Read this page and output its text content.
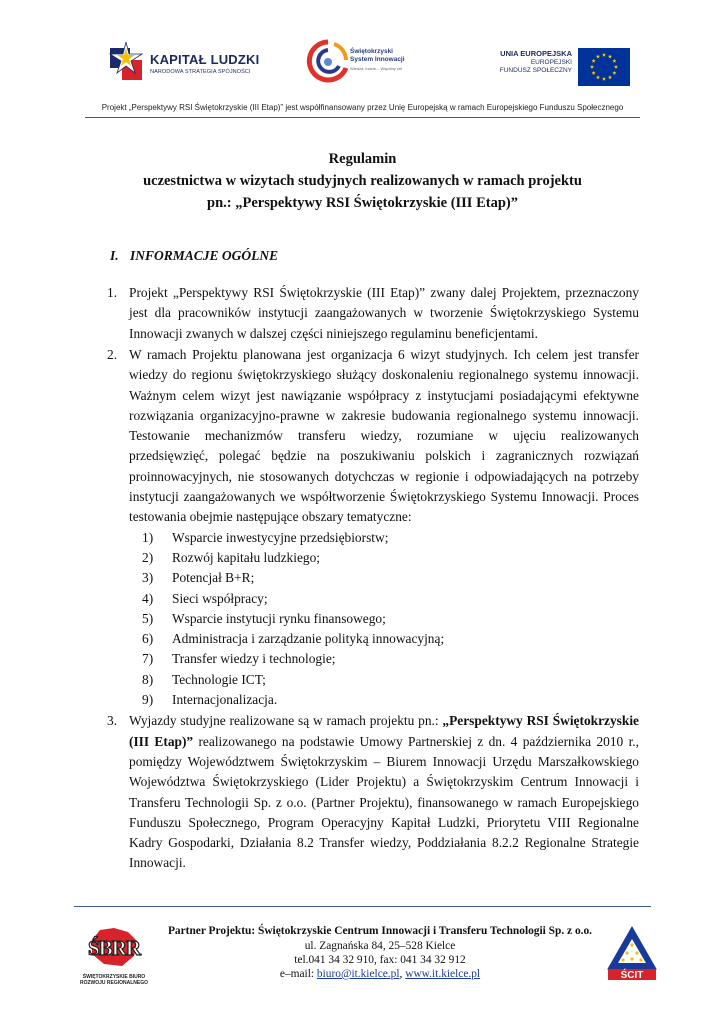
KAPITAŁ LUDZKI
NARODOWA STRATEGIA SPÓJNOŚCI
Świętokrzyski
System Innowacji
Wiedza, ludzie – Wspólny cel
UNIA EUROPEJSKA
EUROPEJSKI
FUNDUSZ SPOŁECZNY
Projekt „Perspektywy RSI Świętokrzyskie (III Etap)” jest współfinansowany przez Unię Europejską w ramach Europejskiego Funduszu Społecznego
Regulamin
uczestnictwa w wizytach studyjnych realizowanych w ramach projektu
pn.: „Perspektywy RSI Świętokrzyskie (III Etap)”
I. INFORMACJE OGÓLNE
1. Projekt „Perspektywy RSI Świętokrzyskie (III Etap)” zwany dalej Projektem, przeznaczony jest dla pracowników instytucji zaangażowanych w tworzenie Świętokrzyskiego Systemu Innowacji zwanych w dalszej części niniejszego regulaminu beneficjentami.
2. W ramach Projektu planowana jest organizacja 6 wizyt studyjnych. Ich celem jest transfer wiedzy do regionu świętokrzyskiego służący doskonaleniu regionalnego systemu innowacji. Ważnym celem wizyt jest nawiązanie współpracy z instytucjami posiadającymi efektywne rozwiązania organizacyjno-prawne w zakresie budowania regionalnego systemu innowacji. Testowanie mechanizmów transferu wiedzy, rozumiane w ujęciu realizowanych przedsięwzięć, polegać będzie na poszukiwaniu polskich i zagranicznych rozwiązań proinnowacyjnych, nie stosowanych dotychczas w regionie i odpowiadających na potrzeby instytucji zaangażowanych we współtworzenie Świętokrzyskiego Systemu Innowacji. Proces testowania obejmie następujące obszary tematyczne:
1) Wsparcie inwestycyjne przedsiębiorstw;
2) Rozwój kapitału ludzkiego;
3) Potencjał B+R;
4) Sieci współpracy;
5) Wsparcie instytucji rynku finansowego;
6) Administracja i zarządzanie polityką innowacyjną;
7) Transfer wiedzy i technologie;
8) Technologie ICT;
9) Internacjonalizacja.
3. Wyjazdy studyjne realizowane są w ramach projektu pn.: „Perspektywy RSI Świętokrzyskie (III Etap)” realizowanego na podstawie Umowy Partnerskiej z dn. 4 października 2010 r., pomiędzy Województwem Świętokrzyskim – Biurem Innowacji Urzędu Marszałkowskiego Województwa Świętokrzyskiego (Lider Projektu) a Świętokrzyskim Centrum Innowacji i Transferu Technologii Sp. z o.o. (Partner Projektu), finansowanego w ramach Europejskiego Funduszu Społecznego, Program Operacyjny Kapitał Ludzki, Priorytetu VIII Regionalne Kadry Gospodarki, Działania 8.2 Transfer wiedzy, Poddziałania 8.2.2 Regionalne Strategie Innowacji.
ŚBRR
ŚWIĘTOKRZYSKIE BIURO
ROZWOJU REGIONALNEGO
Partner Projektu: Świętokrzyskie Centrum Innowacji i Transferu Technologii Sp. z o.o.
ul. Zagnańska 84, 25–528 Kielce
tel.041 34 32 910, fax: 041 34 32 912
e–mail: biuro@it.kielce.pl, www.it.kielce.pl	ŚCIT
